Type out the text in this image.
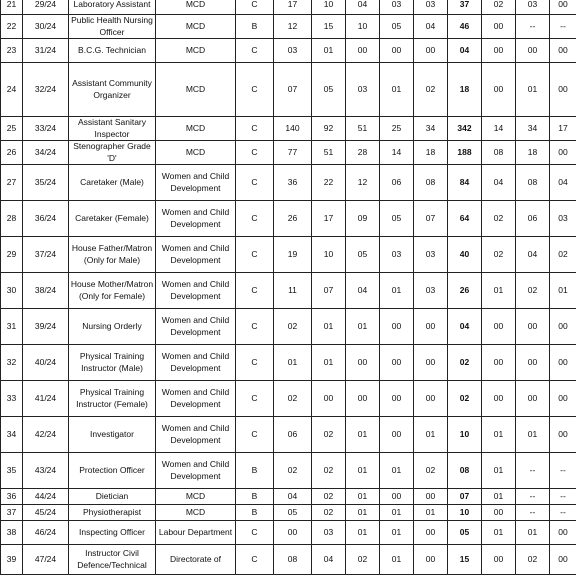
21	29/24	Laboratory Assistant	MCD	C	17	10	04	03	03	37	02	03	00
22	30/24	Public Health Nursing Officer	MCD	B	12	15	10	05	04	46	00	--	--
23	31/24	B.C.G. Technician	MCD	C	03	01	00	00	00	04	00	00	00
24	32/24	Assistant Community Organizer	MCD	C	07	05	03	01	02	18	00	01	00
25	33/24	Assistant Sanitary Inspector	MCD	C	140	92	51	25	34	342	14	34	17
26	34/24	Stenographer Grade 'D'	MCD	C	77	51	28	14	18	188	08	18	00
27	35/24	Caretaker (Male)	Women and Child Development	C	36	22	12	06	08	84	04	08	04
28	36/24	Caretaker (Female)	Women and Child Development	C	26	17	09	05	07	64	02	06	03
29	37/24	House Father/Matron (Only for Male)	Women and Child Development	C	19	10	05	03	03	40	02	04	02
30	38/24	House Mother/Matron (Only for Female)	Women and Child Development	C	11	07	04	01	03	26	01	02	01
31	39/24	Nursing Orderly	Women and Child Development	C	02	01	01	00	00	04	00	00	00
32	40/24	Physical Training Instructor (Male)	Women and Child Development	C	01	01	00	00	00	02	00	00	00
33	41/24	Physical Training Instructor (Female)	Women and Child Development	C	02	00	00	00	00	02	00	00	00
34	42/24	Investigator	Women and Child Development	C	06	02	01	00	01	10	01	01	00
35	43/24	Protection Officer	Women and Child Development	B	02	02	01	01	02	08	01	--	--
36	44/24	Dietician	MCD	B	04	02	01	00	00	07	01	--	--
37	45/24	Physiotherapist	MCD	B	05	02	01	01	01	10	00	--	--
38	46/24	Inspecting Officer	Labour Department	C	00	03	01	01	00	05	01	01	00
39	47/24	Instructor Civil Defence/Technical	Directorate of	C	08	04	02	01	00	15	00	02	00
